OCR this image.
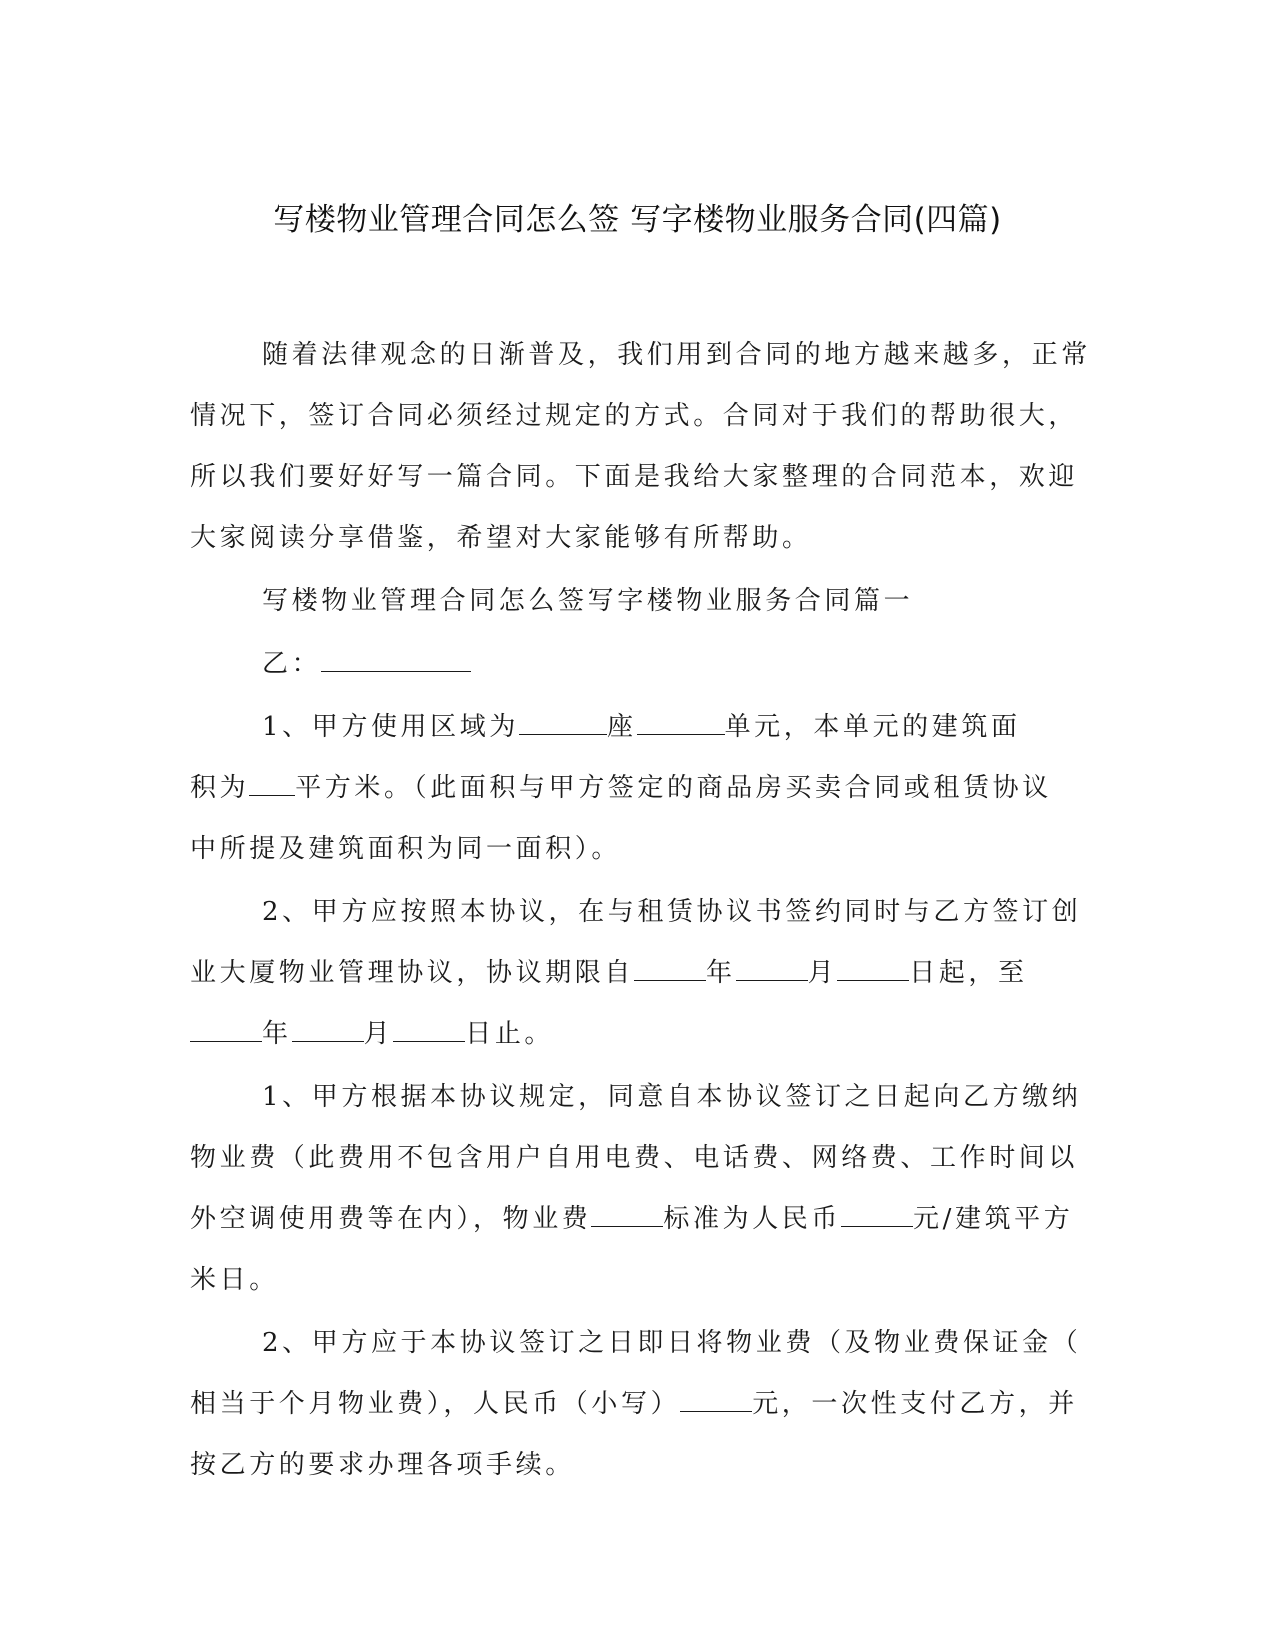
写楼物业管理合同怎么签 写字楼物业服务合同(四篇)
随着法律观念的日渐普及，我们用到合同的地方越来越多，正常
情况下，签订合同必须经过规定的方式。合同对于我们的帮助很大，
所以我们要好好写一篇合同。下面是我给大家整理的合同范本，欢迎
大家阅读分享借鉴，希望对大家能够有所帮助。
写楼物业管理合同怎么签写字楼物业服务合同篇一
乙：
1、甲方使用区域为	座	单元，本单元的建筑面
积为 平方米。（此面积与甲方签定的商品房买卖合同或租赁协议
中所提及建筑面积为同一面积）。
2、甲方应按照本协议，在与租赁协议书签约同时与乙方签订创
业大厦物业管理协议，协议期限自	年	月	日起，至
年	月	日止。
1、甲方根据本协议规定，同意自本协议签订之日起向乙方缴纳
物业费（此费用不包含用户自用电费、电话费、网络费、工作时间以
外空调使用费等在内），物业费	标准为人民币	元/建筑平方
米日。
2、甲方应于本协议签订之日即日将物业费（及物业费保证金（
相当于个月物业费），人民币（小写）	元，一次性支付乙方，并
按乙方的要求办理各项手续。
